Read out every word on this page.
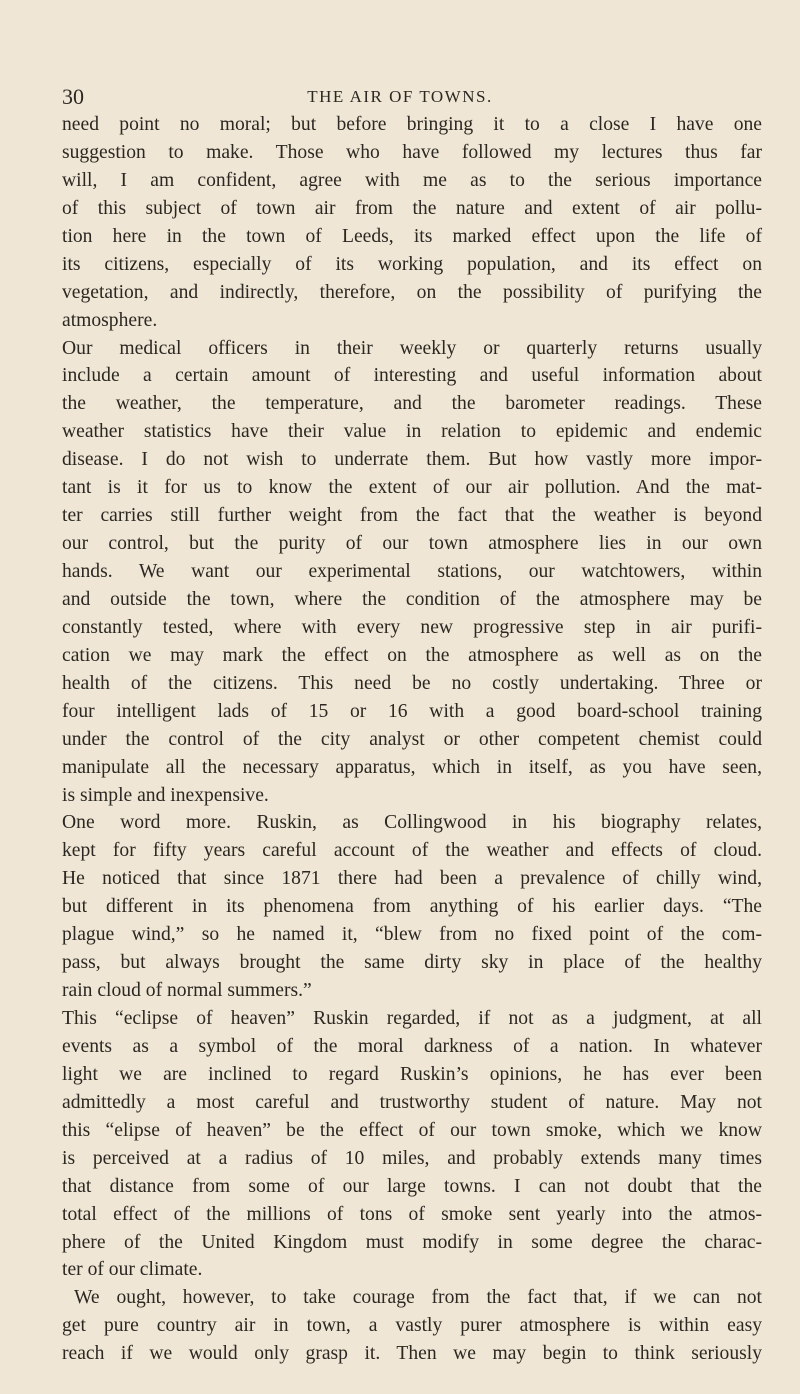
30	THE AIR OF TOWNS.
need point no moral; but before bringing it to a close I have one
suggestion to make. Those who have followed my lectures thus far
will, I am confident, agree with me as to the serious importance
of this subject of town air from the nature and extent of air pollu-
tion here in the town of Leeds, its marked effect upon the life of
its citizens, especially of its working population, and its effect on
vegetation, and indirectly, therefore, on the possibility of purifying the
atmosphere.
Our medical officers in their weekly or quarterly returns usually
include a certain amount of interesting and useful information about
the weather, the temperature, and the barometer readings. These
weather statistics have their value in relation to epidemic and endemic
disease. I do not wish to underrate them. But how vastly more impor-
tant is it for us to know the extent of our air pollution. And the mat-
ter carries still further weight from the fact that the weather is beyond
our control, but the purity of our town atmosphere lies in our own
hands. We want our experimental stations, our watchtowers, within
and outside the town, where the condition of the atmosphere may be
constantly tested, where with every new progressive step in air purifi-
cation we may mark the effect on the atmosphere as well as on the
health of the citizens. This need be no costly undertaking. Three or
four intelligent lads of 15 or 16 with a good board-school training
under the control of the city analyst or other competent chemist could
manipulate all the necessary apparatus, which in itself, as you have seen,
is simple and inexpensive.
One word more. Ruskin, as Collingwood in his biography relates,
kept for fifty years careful account of the weather and effects of cloud.
He noticed that since 1871 there had been a prevalence of chilly wind,
but different in its phenomena from anything of his earlier days. “The
plague wind,” so he named it, “blew from no fixed point of the com-
pass, but always brought the same dirty sky in place of the healthy
rain cloud of normal summers.”
This “eclipse of heaven” Ruskin regarded, if not as a judgment, at all
events as a symbol of the moral darkness of a nation. In whatever
light we are inclined to regard Ruskin’s opinions, he has ever been
admittedly a most careful and trustworthy student of nature. May not
this “elipse of heaven” be the effect of our town smoke, which we know
is perceived at a radius of 10 miles, and probably extends many times
that distance from some of our large towns. I can not doubt that the
total effect of the millions of tons of smoke sent yearly into the atmos-
phere of the United Kingdom must modify in some degree the charac-
ter of our climate.
We ought, however, to take courage from the fact that, if we can not
get pure country air in town, a vastly purer atmosphere is within easy
reach if we would only grasp it. Then we may begin to think seriously
